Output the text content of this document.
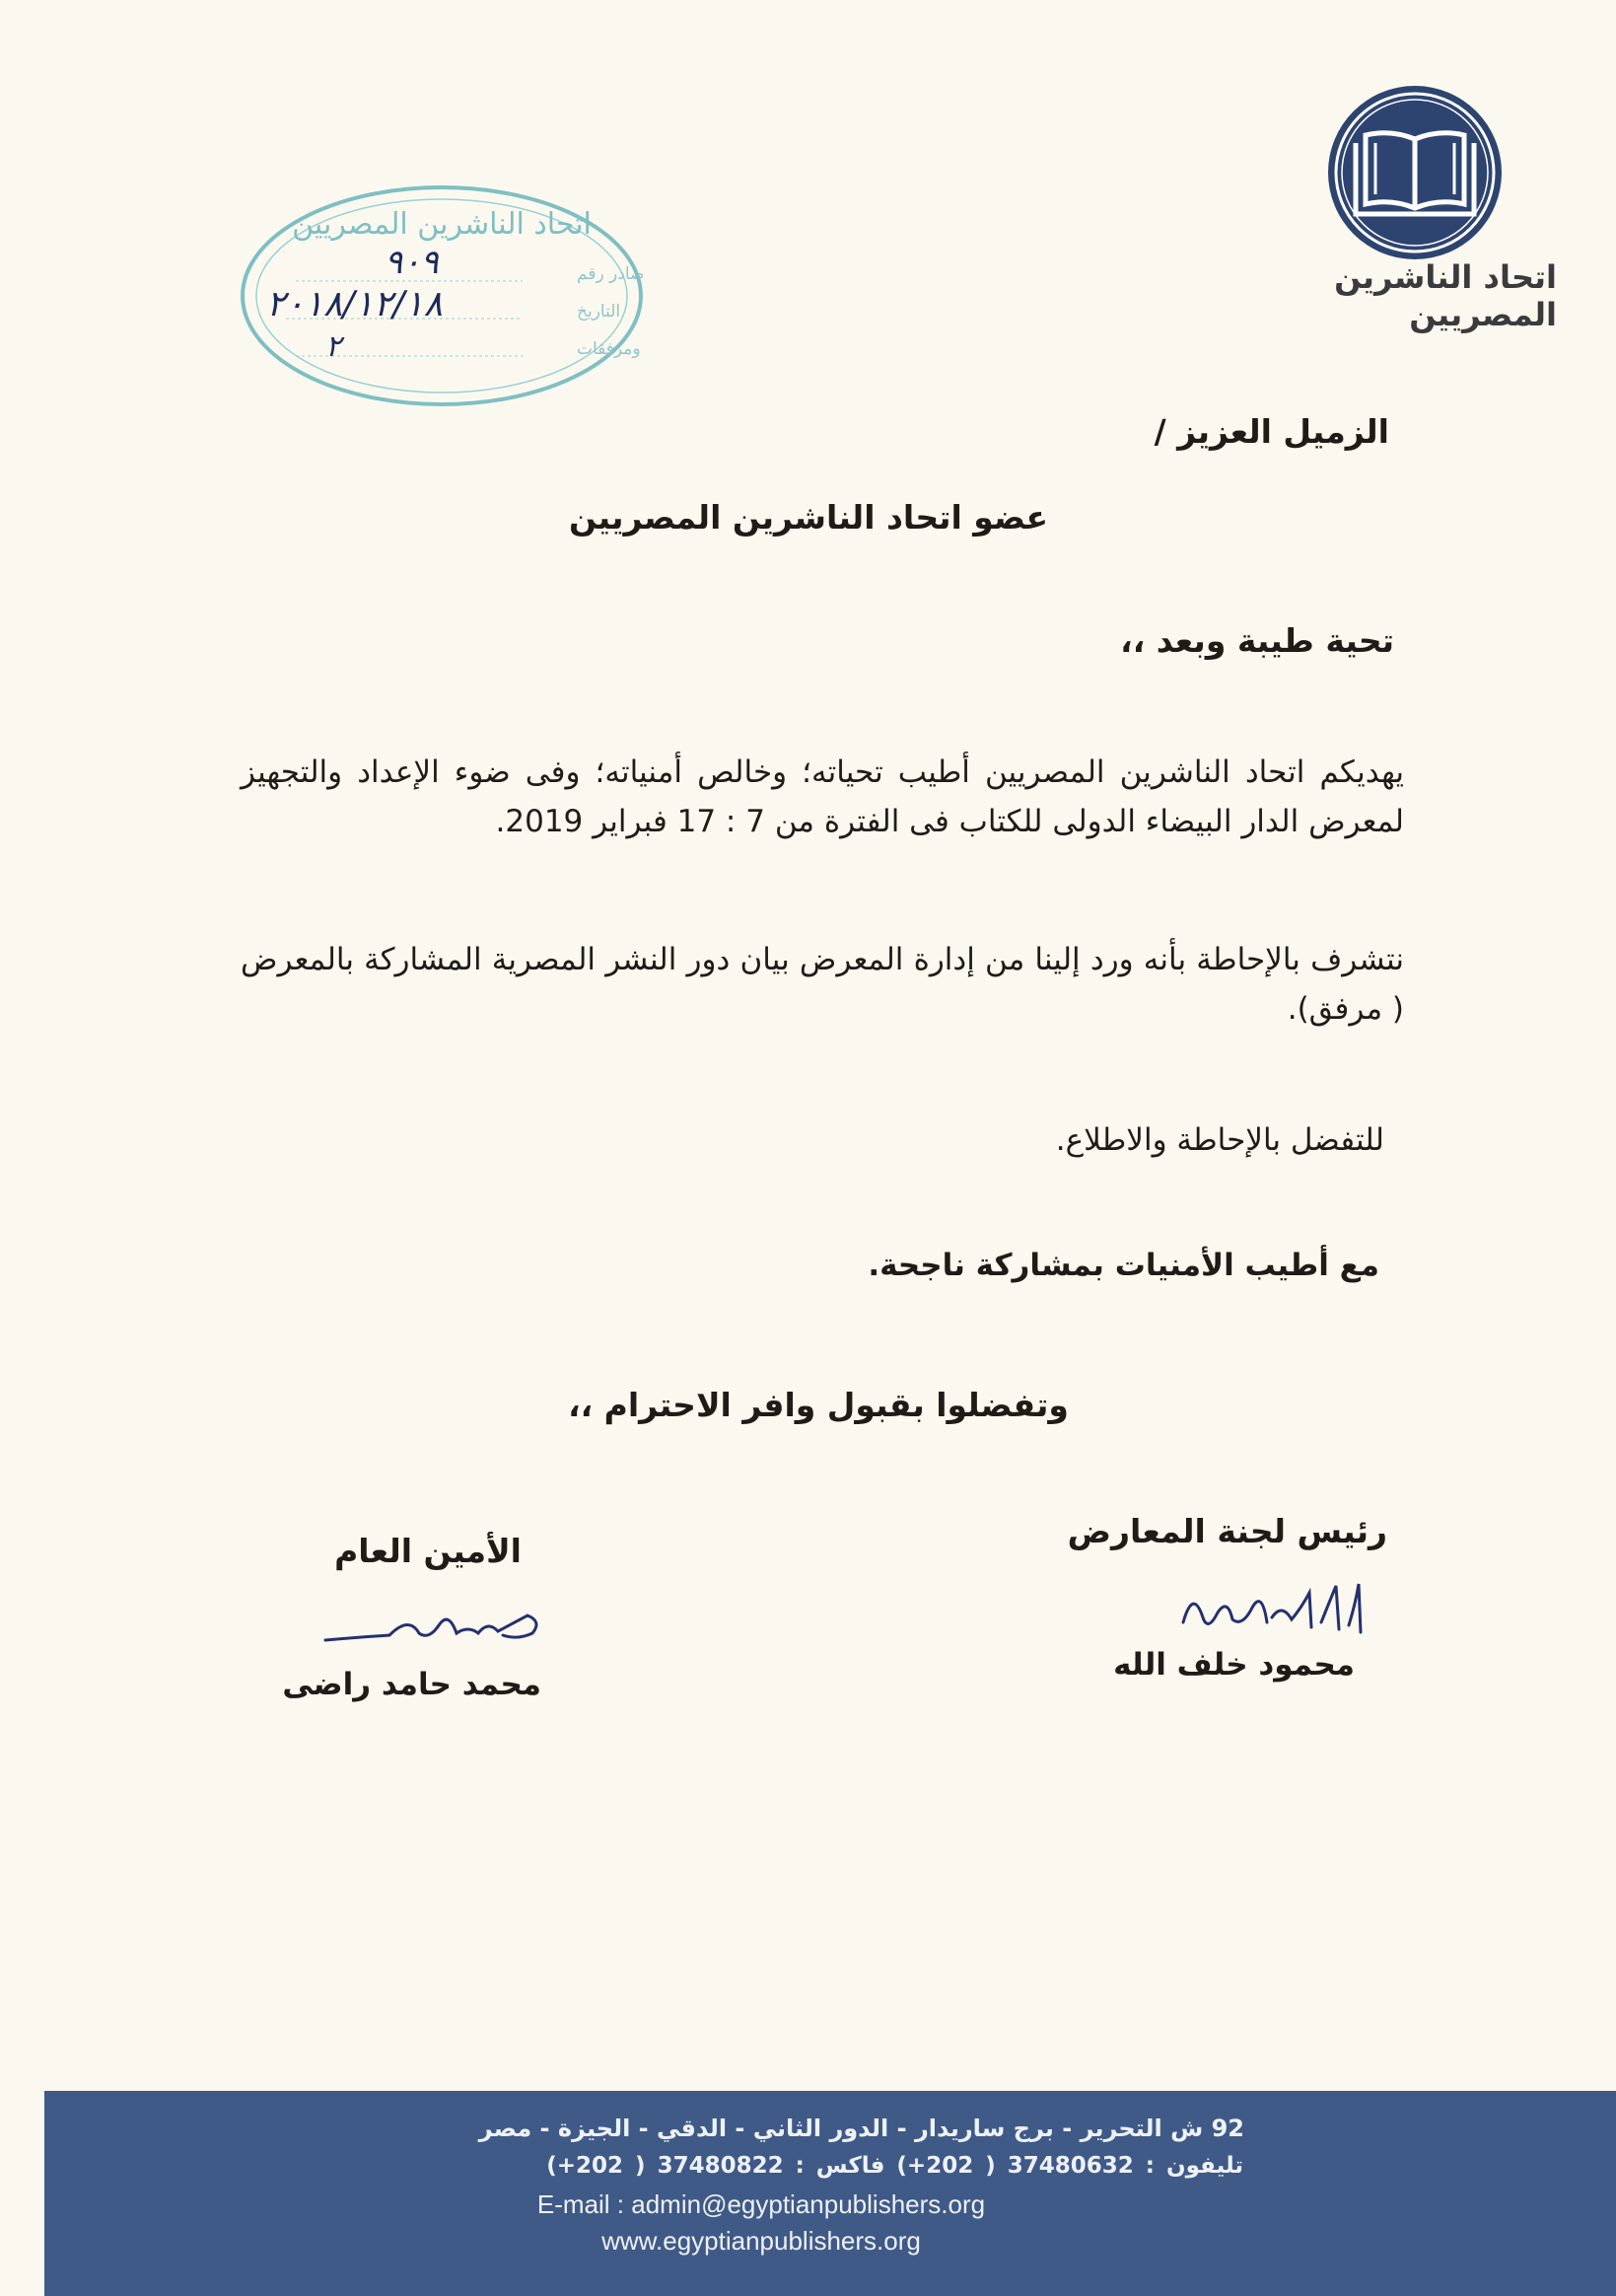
اتحاد الناشرين المصريين
اتحاد الناشرين المصريين
صادر رقم
التاريخ
ومرفقات
٩٠٩
٢٠١٨/١٢/١٨
٢
الزميل العزيز /
عضو اتحاد الناشرين المصريين
تحية طيبة وبعد ،،
يهديكم اتحاد الناشرين المصريين أطيب تحياته؛ وخالص أمنياته؛ وفى ضوء الإعداد والتجهيز لمعرض الدار البيضاء الدولى للكتاب فى الفترة من 7 : 17 فبراير 2019.
نتشرف بالإحاطة بأنه ورد إلينا من إدارة المعرض بيان دور النشر المصرية المشاركة بالمعرض ( مرفق).
للتفضل بالإحاطة والاطلاع.
مع أطيب الأمنيات بمشاركة ناجحة.
وتفضلوا بقبول وافر الاحترام ،،
رئيس لجنة المعارض
محمود خلف الله
الأمين العام
محمد حامد راضى
92 ش التحرير - برج ساريدار - الدور الثاني - الدقي - الجيزة - مصر
تليفون : 37480632 ( 202+) فاكس : 37480822 ( 202+)
E-mail : admin@egyptianpublishers.org
www.egyptianpublishers.org
